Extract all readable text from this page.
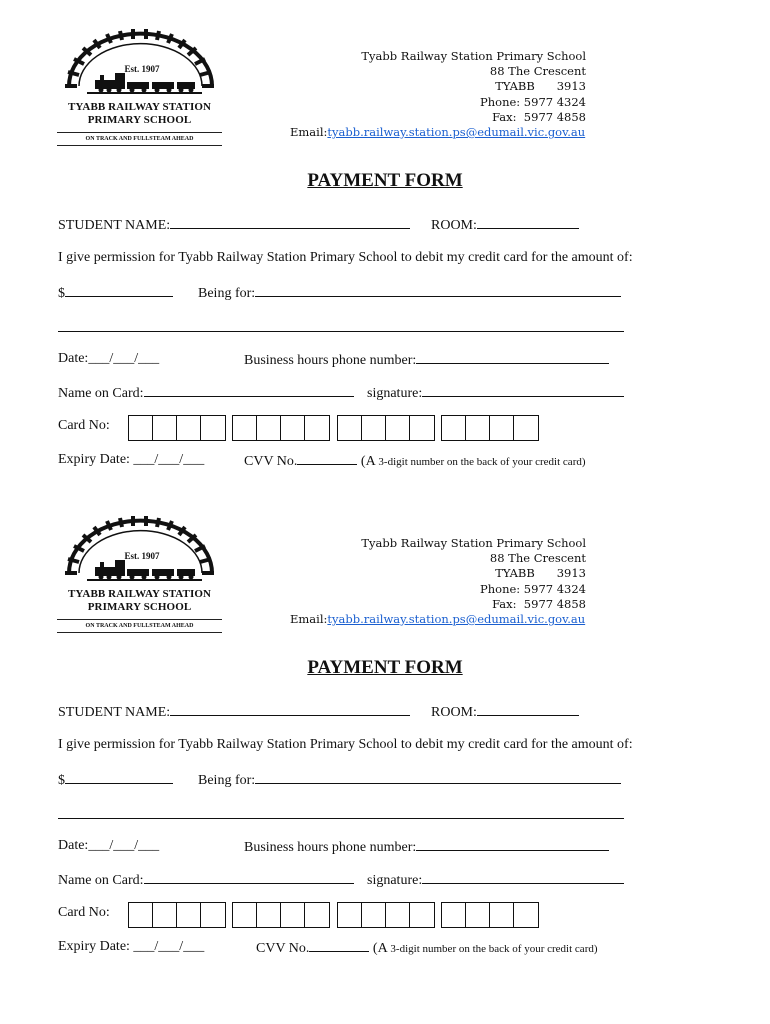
Est. 1907
TYABB RAILWAY STATION
PRIMARY SCHOOL
ON TRACK AND FULLSTEAM AHEAD
Tyabb Railway Station Primary School
88 The Crescent
TYABB      3913
Phone: 5977 4324
Fax:  5977 4858
Email:tyabb.railway.station.ps@edumail.vic.gov.au
PAYMENT FORM
STUDENT NAME:	ROOM:
I give permission for Tyabb Railway Station Primary School to debit my credit card for the amount of:
$	Being for:
Date:___/___/___	Business hours phone number:
Name on Card:	signature:
Card No:
Expiry Date: ___/___/___	CVV No.	(A 3-digit number on the back of your credit card)
Est. 1907
TYABB RAILWAY STATION
PRIMARY SCHOOL
ON TRACK AND FULLSTEAM AHEAD
Tyabb Railway Station Primary School
88 The Crescent
TYABB      3913
Phone: 5977 4324
Fax:  5977 4858
Email:tyabb.railway.station.ps@edumail.vic.gov.au
PAYMENT FORM
STUDENT NAME:	ROOM:
I give permission for Tyabb Railway Station Primary School to debit my credit card for the amount of:
$	Being for:
Date:___/___/___	Business hours phone number:
Name on Card:	signature:
Card No:
Expiry Date: ___/___/___	CVV No.	(A 3-digit number on the back of your credit card)
